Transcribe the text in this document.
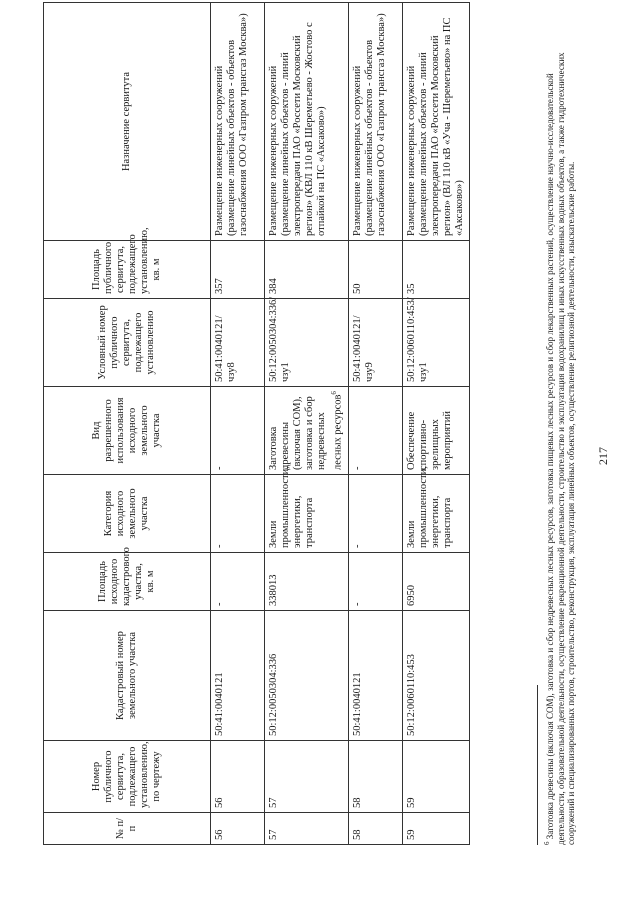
№ п/п	Номер публичного сервитута, подлежащего установлению, по чертежу	Кадастровый номер земельного участка	Площадь исходного кадастрового участка, кв. м	Категория исходного земельного участка	Вид разрешенного использования исходного земельного участка	Условный номер публичного сервитута, подлежащего установлению	Площадь публичного сервитута, подлежащего установлению, кв. м	Назначение сервитута
56	56	50:41:0040121	-	-	-	50:41:0040121/чзу8	357	Размещение инженерных сооружений (размещение линейных объектов - объектов газоснабжения ООО «Газпром трансгаз Москва»)
57	57	50:12:0050304:336	338013	Земли промышленности, энергетики, транспорта	Заготовка древесины (включая СОМ), заготовка и сбор недревесных лесных ресурсов$^6$	50:12:0050304:336/чзу1	384	Размещение инженерных сооружений (размещение линейных объектов - линий электропередачи ПАО «Россети Московский регион» (КВЛ 110 кВ Шереметьево - Жостово с отпайкой на ПС «Аксаково»)
58	58	50:41:0040121	-	-	-	50:41:0040121/чзу9	50	Размещение инженерных сооружений (размещение линейных объектов - объектов газоснабжения ООО «Газпром трансгаз Москва»)
59	59	50:12:0060110:453	6950	Земли промышленности, энергетики, транспорта	Обеспечение спортивно-зрелищных мероприятий	50:12:0060110:453/чзу1	35	Размещение инженерных сооружений (размещение линейных объектов - линий электропередачи ПАО «Россети Московский регион» (ВЛ 110 кВ «Уча - Шереметьево» на ПС «Аксаково»)
$^6$ Заготовка древесины (включая СОМ), заготовка и сбор недревесных лесных ресурсов, заготовка пищевых лесных ресурсов и сбор лекарственных растений, осуществление научно-исследовательской деятельности, образовательной деятельности, осуществление рекреационной деятельности, строительство и эксплуатация водохранилищ и иных искусственных водных объектов, а также гидротехнических сооружений и специализированных портов, строительство, реконструкция, эксплуатация линейных объектов, осуществление религиозной деятельности, изыскательские работы. 217
